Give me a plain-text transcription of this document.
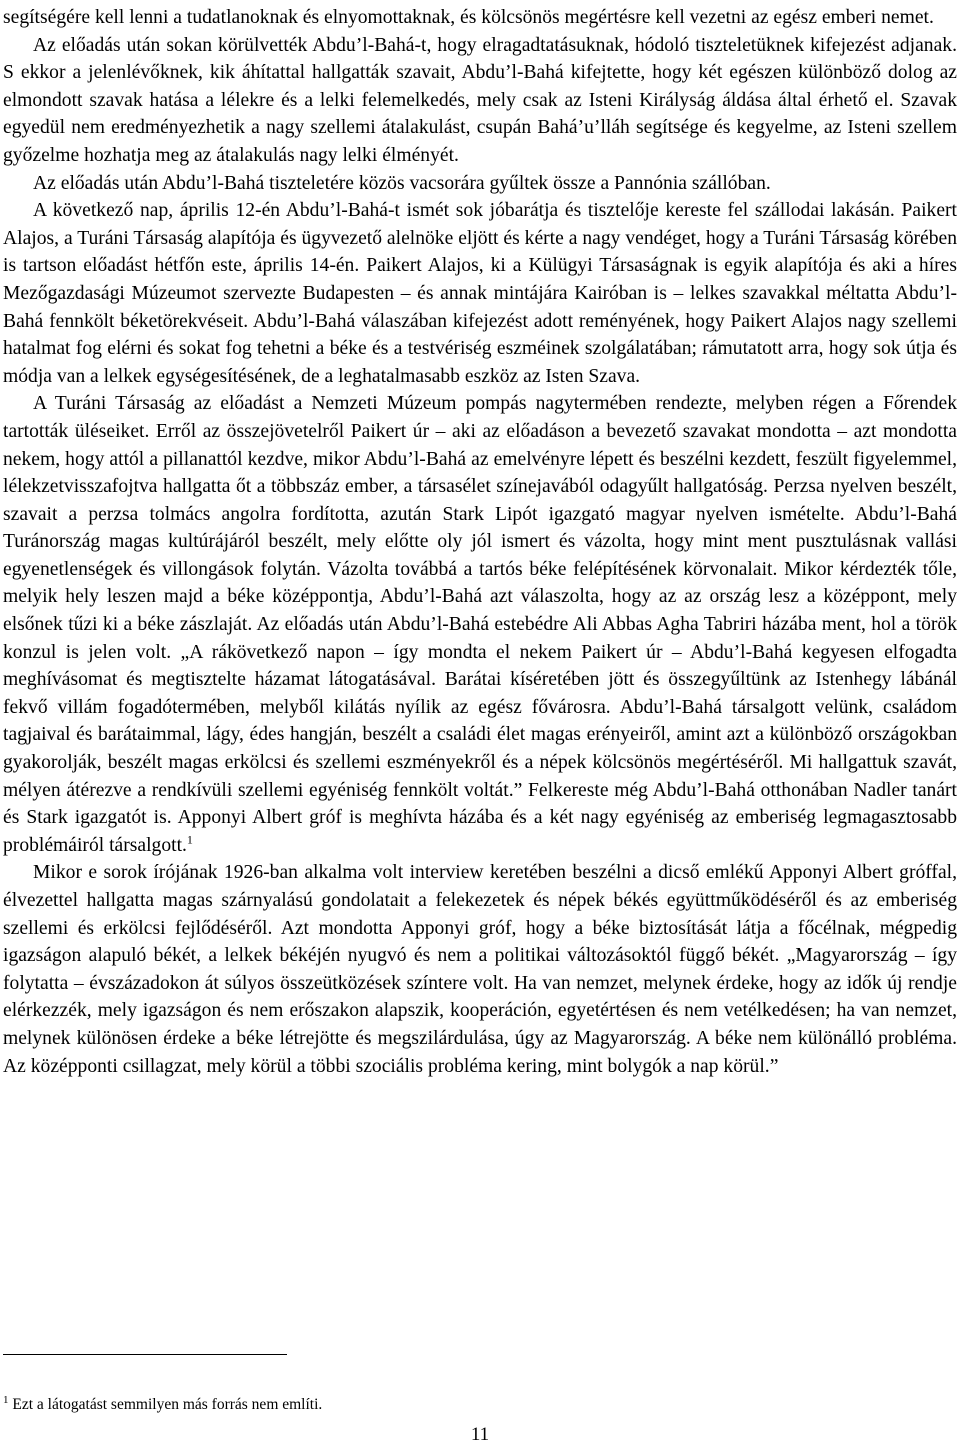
segítségére kell lenni a tudatlanoknak és elnyomottaknak, és kölcsönös megértésre kell vezetni az egész emberi nemet.

Az előadás után sokan körülvették Abdu’l-Bahá-t, hogy elragadtatásuknak, hódoló tiszteletüknek kifejezést adjanak. S ekkor a jelenlévőknek, kik áhítattal hallgatták szavait, Abdu’l-Bahá kifejtette, hogy két egészen különböző dolog az elmondott szavak hatása a lélekre és a lelki felemelkedés, mely csak az Isteni Királyság áldása által érhető el. Szavak egyedül nem eredményezhetik a nagy szellemi átalakulást, csupán Bahá’u’lláh segítsége és kegyelme, az Isteni szellem győzelme hozhatja meg az átalakulás nagy lelki élményét.

Az előadás után Abdu’l-Bahá tiszteletére közös vacsorára gyűltek össze a Pannónia szállóban.

A következő nap, április 12-én Abdu’l-Bahá-t ismét sok jóbarátja és tisztelője kereste fel szállodai lakásán. Paikert Alajos, a Turáni Társaság alapítója és ügyvezető alelnöke eljött és kérte a nagy vendéget, hogy a Turáni Társaság körében is tartson előadást hétfőn este, április 14-én. Paikert Alajos, ki a Külügyi Társaságnak is egyik alapítója és aki a híres Mezőgazdasági Múzeumot szervezte Budapesten – és annak mintájára Kairóban is – lelkes szavakkal méltatta Abdu’l-Bahá fennkölt béketörekvéseit. Abdu’l-Bahá válaszában kifejezést adott reményének, hogy Paikert Alajos nagy szellemi hatalmat fog elérni és sokat fog tehetni a béke és a testvériség eszméinek szolgálatában; rámutatott arra, hogy sok útja és módja van a lelkek egységesítésének, de a leghatalmasabb eszköz az Isten Szava.

A Turáni Társaság az előadást a Nemzeti Múzeum pompás nagytermében rendezte, melyben régen a Főrendek tartották üléseiket. Erről az összejövetelről Paikert úr – aki az előadáson a bevezető szavakat mondotta – azt mondotta nekem, hogy attól a pillanattól kezdve, mikor Abdu’l-Bahá az emelvényre lépett és beszélni kezdett, feszült figyelemmel, lélekzetvisszafojtva hallgatta őt a többszáz ember, a társasélet színejavából odagyűlt hallgatóság. Perzsa nyelven beszélt, szavait a perzsa tolmács angolra fordította, azután Stark Lipót igazgató magyar nyelven ismételte. Abdu’l-Bahá Turánország magas kultúrájáról beszélt, mely előtte oly jól ismert és vázolta, hogy mint ment pusztulásnak vallási egyenetlenségek és villongások folytán. Vázolta továbbá a tartós béke felépítésének körvonalait. Mikor kérdezték tőle, melyik hely leszen majd a béke középpontja, Abdu’l-Bahá azt válaszolta, hogy az az ország lesz a középpont, mely elsőnek tűzi ki a béke zászlaját. Az előadás után Abdu’l-Bahá estebédre Ali Abbas Agha Tabriri házába ment, hol a török konzul is jelen volt. „A rákövetkező napon – így mondta el nekem Paikert úr – Abdu’l-Bahá kegyesen elfogadta meghívásomat és megtisztelte házamat látogatásával. Barátai kíséretében jött és összegyűltünk az Istenhegy lábánál fekvő villám fogadótermében, melyből kilátás nyílik az egész fővárosra. Abdu’l-Bahá társalgott velünk, családom tagjaival és barátaimmal, lágy, édes hangján, beszélt a családi élet magas erényeiről, amint azt a különböző országokban gyakorolják, beszélt magas erkölcsi és szellemi eszményekről és a népek kölcsönös megértéséről. Mi hallgattuk szavát, mélyen átérezve a rendkívüli szellemi egyéniség fennkölt voltát.” Felkereste még Abdu’l-Bahá otthonában Nadler tanárt és Stark igazgatót is. Apponyi Albert gróf is meghívta házába és a két nagy egyéniség az emberiség legmagasztosabb problémáiról társalgott.$^1$

Mikor e sorok írójának 1926-ban alkalma volt interview keretében beszélni a dicső emlékű Apponyi Albert gróffal, élvezettel hallgatta magas szárnyalású gondolatait a felekezetek és népek békés együttműködéséről és az emberiség szellemi és erkölcsi fejlődéséről. Azt mondotta Apponyi gróf, hogy a béke biztosítását látja a főcélnak, mégpedig igazságon alapuló békét, a lelkek békéjén nyugvó és nem a politikai változásoktól függő békét. „Magyarország – így folytatta – évszázadokon át súlyos összeütközések színtere volt. Ha van nemzet, melynek érdeke, hogy az idők új rendje elérkezzék, mely igazságon és nem erőszakon alapszik, kooperáción, egyetértésen és nem vetélkedésen; ha van nemzet, melynek különösen érdeke a béke létrejötte és megszilárdulása, úgy az Magyarország. A béke nem különálló probléma. Az középponti csillagzat, mely körül a többi szociális probléma kering, mint bolygók a nap körül.”

$^1$ Ezt a látogatást semmilyen más forrás nem említi.
11
